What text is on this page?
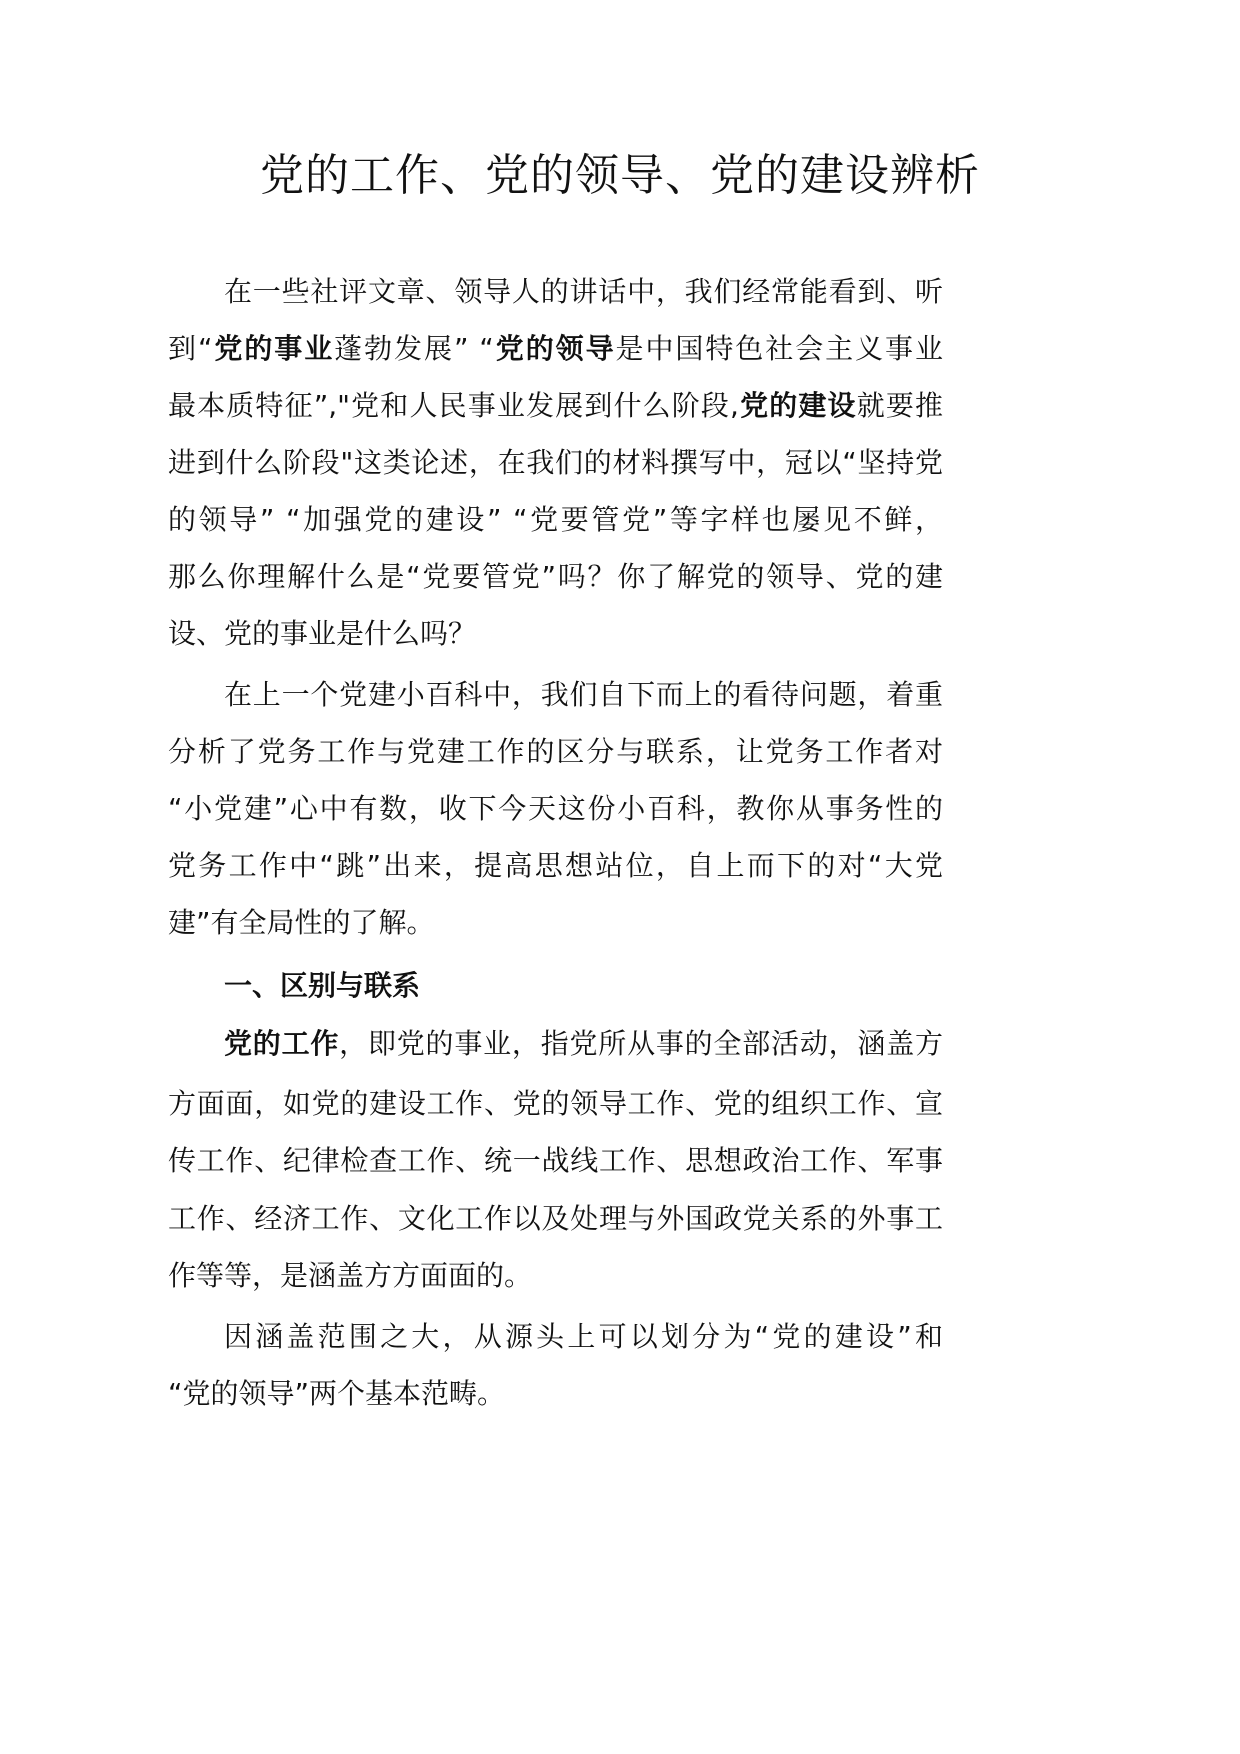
党的工作、党的领导、党的建设辨析
在一些社评文章、领导人的讲话中，我们经常能看到、听
到“党的事业蓬勃发展” “党的领导是中国特色社会主义事业
最本质特征”,"党和人民事业发展到什么阶段,党的建设就要推
进到什么阶段"这类论述，在我们的材料撰写中，冠以“坚持党
的领导” “加强党的建设” “党要管党”等字样也屡见不鲜，
那么你理解什么是“党要管党”吗？你了解党的领导、党的建
设、党的事业是什么吗？
在上一个党建小百科中，我们自下而上的看待问题，着重
分析了党务工作与党建工作的区分与联系，让党务工作者对
“小党建”心中有数，收下今天这份小百科，教你从事务性的
党务工作中“跳”出来，提高思想站位，自上而下的对“大党
建”有全局性的了解。
一、区别与联系
党的工作，即党的事业，指党所从事的全部活动，涵盖方
方面面，如党的建设工作、党的领导工作、党的组织工作、宣
传工作、纪律检查工作、统一战线工作、思想政治工作、军事
工作、经济工作、文化工作以及处理与外国政党关系的外事工
作等等，是涵盖方方面面的。
因涵盖范围之大，从源头上可以划分为“党的建设”和
“党的领导”两个基本范畴。
